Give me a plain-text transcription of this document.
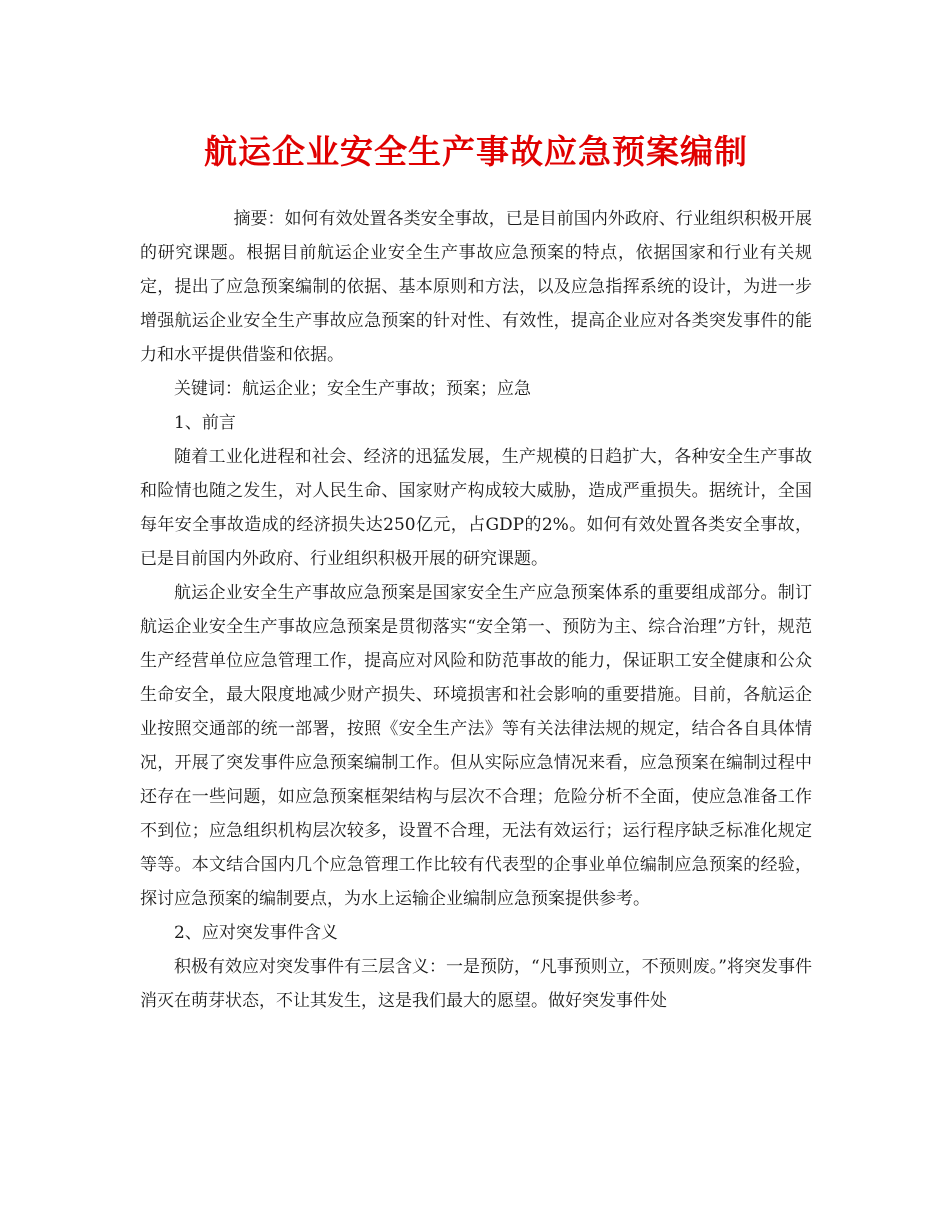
航运企业安全生产事故应急预案编制

摘要：如何有效处置各类安全事故，已是目前国内外政府、行业组织积极开展的研究课题。根据目前航运企业安全生产事故应急预案的特点，依据国家和行业有关规定，提出了应急预案编制的依据、基本原则和方法，以及应急指挥系统的设计，为进一步增强航运企业安全生产事故应急预案的针对性、有效性，提高企业应对各类突发事件的能力和水平提供借鉴和依据。

关键词：航运企业；安全生产事故；预案；应急

1、前言

随着工业化进程和社会、经济的迅猛发展，生产规模的日趋扩大，各种安全生产事故和险情也随之发生，对人民生命、国家财产构成较大威胁，造成严重损失。据统计，全国每年安全事故造成的经济损失达250亿元，占GDP的2%。如何有效处置各类安全事故，已是目前国内外政府、行业组织积极开展的研究课题。

航运企业安全生产事故应急预案是国家安全生产应急预案体系的重要组成部分。制订航运企业安全生产事故应急预案是贯彻落实“安全第一、预防为主、综合治理”方针，规范生产经营单位应急管理工作，提高应对风险和防范事故的能力，保证职工安全健康和公众生命安全，最大限度地减少财产损失、环境损害和社会影响的重要措施。目前，各航运企业按照交通部的统一部署，按照《安全生产法》等有关法律法规的规定，结合各自具体情况，开展了突发事件应急预案编制工作。但从实际应急情况来看，应急预案在编制过程中还存在一些问题，如应急预案框架结构与层次不合理；危险分析不全面，使应急准备工作不到位；应急组织机构层次较多，设置不合理，无法有效运行；运行程序缺乏标准化规定等等。本文结合国内几个应急管理工作比较有代表型的企事业单位编制应急预案的经验，探讨应急预案的编制要点，为水上运输企业编制应急预案提供参考。

2、应对突发事件含义

积极有效应对突发事件有三层含义：一是预防，“凡事预则立，不预则废。”将突发事件消灭在萌芽状态，不让其发生，这是我们最大的愿望。做好突发事件处
